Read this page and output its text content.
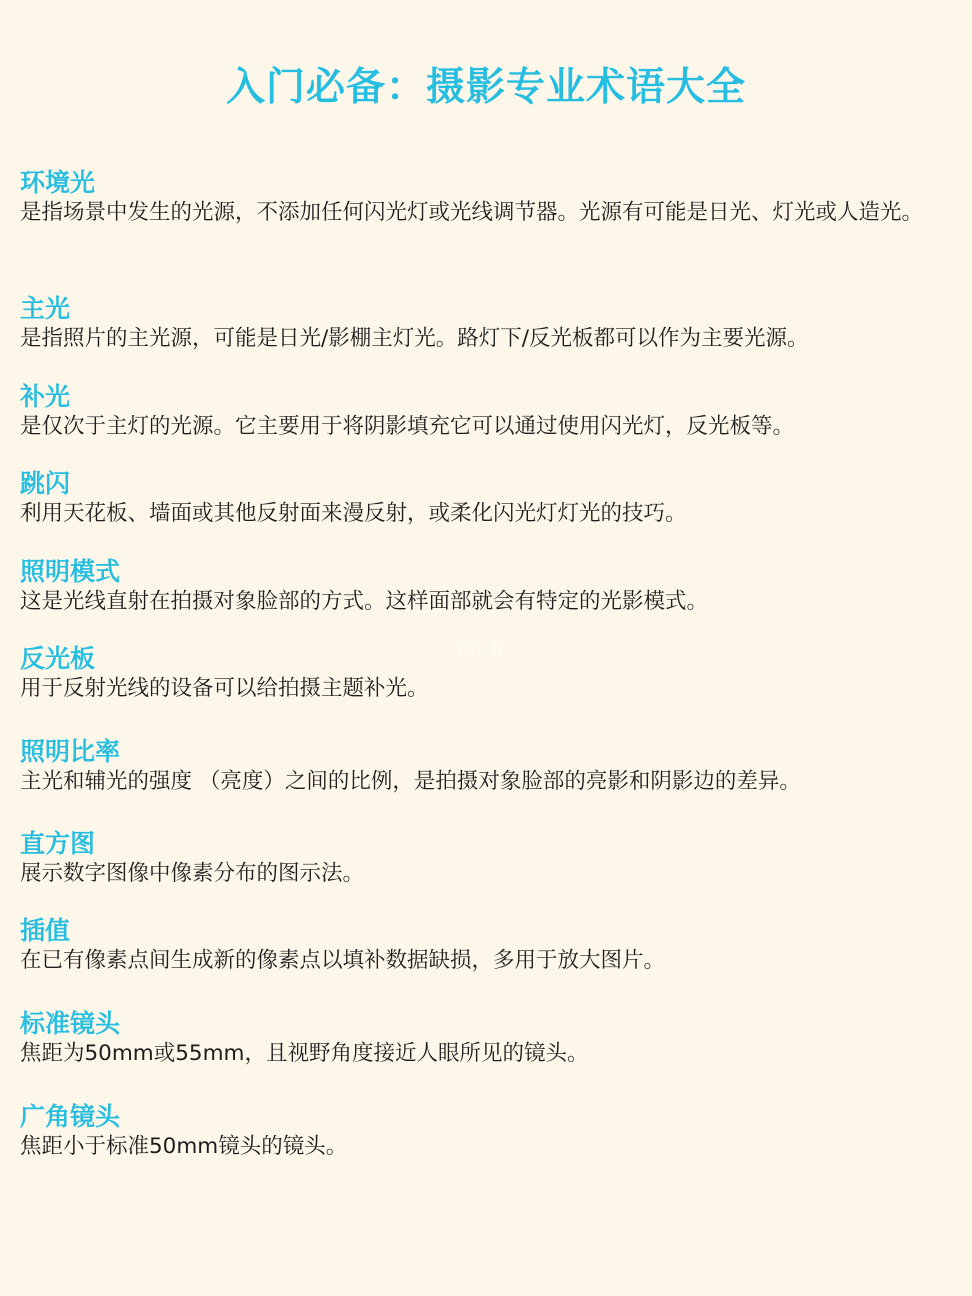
入门必备：摄影专业术语大全

环境光

是指场景中发生的光源，不添加任何闪光灯或光线调节器。光源有可能是日光、灯光或人造光。

主光

是指照片的主光源，可能是日光/影棚主灯光。路灯下/反光板都可以作为主要光源。

补光

是仅次于主灯的光源。它主要用于将阴影填充它可以通过使用闪光灯，反光板等。

跳闪

利用天花板、墙面或其他反射面来漫反射，或柔化闪光灯灯光的技巧。

照明模式

这是光线直射在拍摄对象脸部的方式。这样面部就会有特定的光影模式。

反光板

用于反射光线的设备可以给拍摄主题补光。

照明比率

主光和辅光的强度 （亮度）之间的比例，是拍摄对象脸部的亮影和阴影边的差异。

直方图

展示数字图像中像素分布的图示法。

插值

在已有像素点间生成新的像素点以填补数据缺损，多用于放大图片。

标准镜头

焦距为50mm或55mm，且视野角度接近人眼所见的镜头。

广角镜头

焦距小于标准50mm镜头的镜头。

小红书
